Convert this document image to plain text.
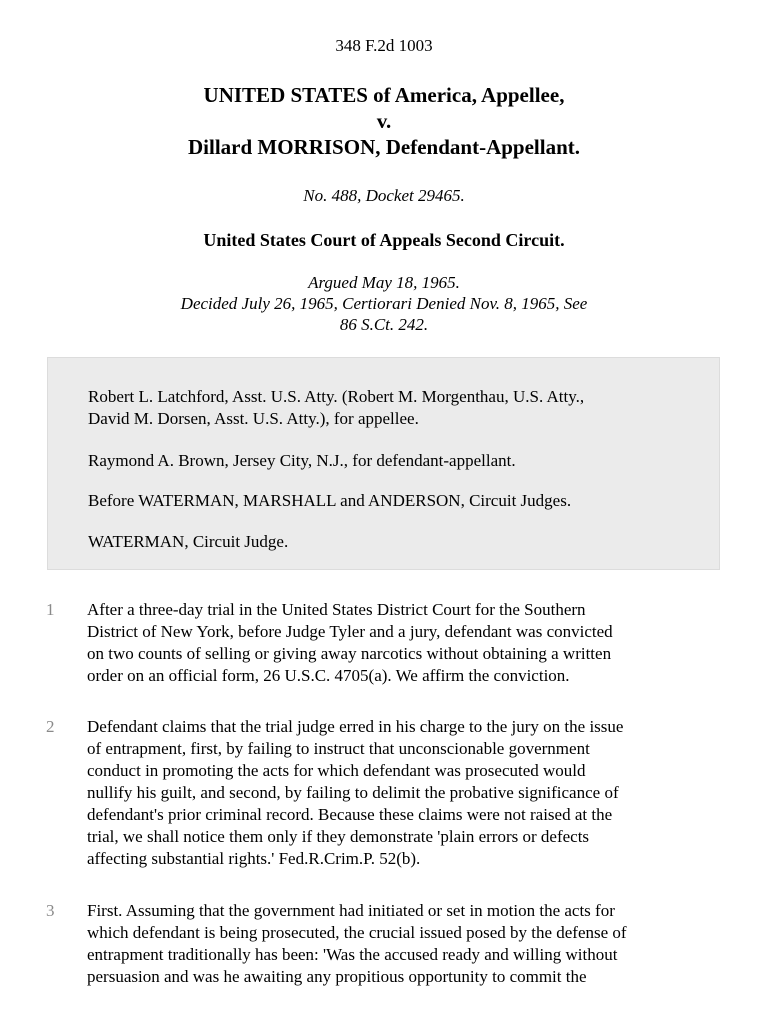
348 F.2d 1003
UNITED STATES of America, Appellee,
v.
Dillard MORRISON, Defendant-Appellant.
No. 488, Docket 29465.
United States Court of Appeals Second Circuit.
Argued May 18, 1965.
Decided July 26, 1965, Certiorari Denied Nov. 8, 1965, See
86 S.Ct. 242.
Robert L. Latchford, Asst. U.S. Atty. (Robert M. Morgenthau, U.S. Atty.,
David M. Dorsen, Asst. U.S. Atty.), for appellee.
Raymond A. Brown, Jersey City, N.J., for defendant-appellant.
Before WATERMAN, MARSHALL and ANDERSON, Circuit Judges.
WATERMAN, Circuit Judge.
1 After a three-day trial in the United States District Court for the Southern
District of New York, before Judge Tyler and a jury, defendant was convicted
on two counts of selling or giving away narcotics without obtaining a written
order on an official form, 26 U.S.C. 4705(a). We affirm the conviction.
2 Defendant claims that the trial judge erred in his charge to the jury on the issue
of entrapment, first, by failing to instruct that unconscionable government
conduct in promoting the acts for which defendant was prosecuted would
nullify his guilt, and second, by failing to delimit the probative significance of
defendant's prior criminal record. Because these claims were not raised at the
trial, we shall notice them only if they demonstrate 'plain errors or defects
affecting substantial rights.' Fed.R.Crim.P. 52(b).
3 First. Assuming that the government had initiated or set in motion the acts for
which defendant is being prosecuted, the crucial issued posed by the defense of
entrapment traditionally has been: 'Was the accused ready and willing without
persuasion and was he awaiting any propitious opportunity to commit the
